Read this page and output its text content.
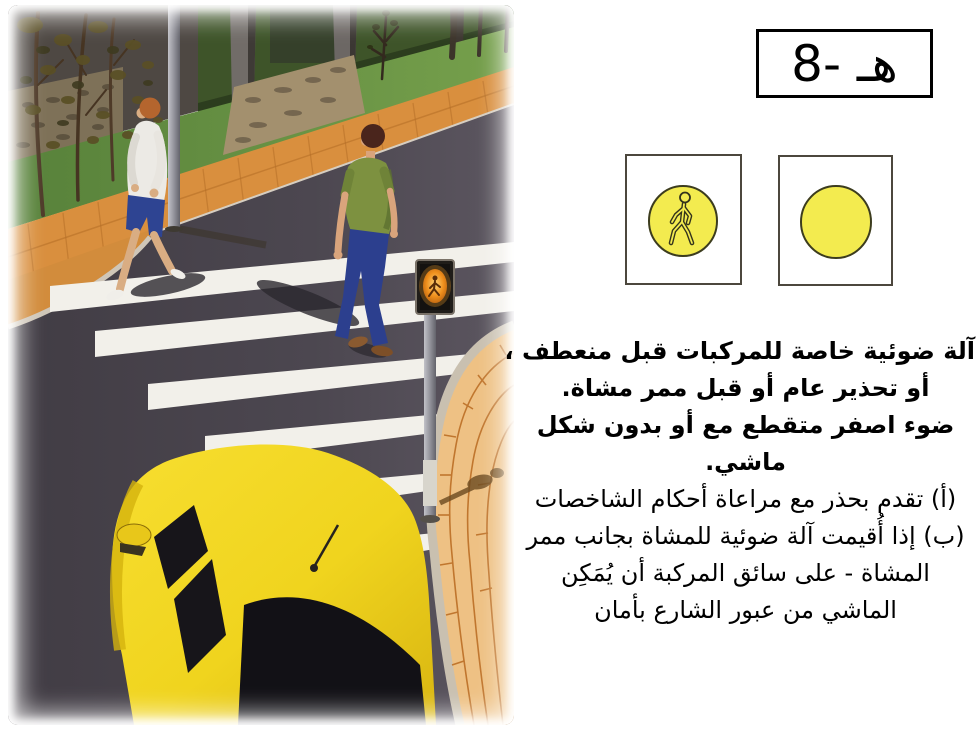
هـ -8
آلة ضوئية خاصة للمركبات قبل منعطف ،
أو تحذير عام أو قبل ممر مشاة.
ضوء اصفر متقطع مع أو بدون شكل
ماشي.
(أ) تقدم بحذر مع مراعاة أحكام الشاخصات
(ب) إذا أُقيمت آلة ضوئية للمشاة بجانب ممر
المشاة - على سائق المركبة أن يُمَكِن
الماشي من عبور الشارع بأمان
